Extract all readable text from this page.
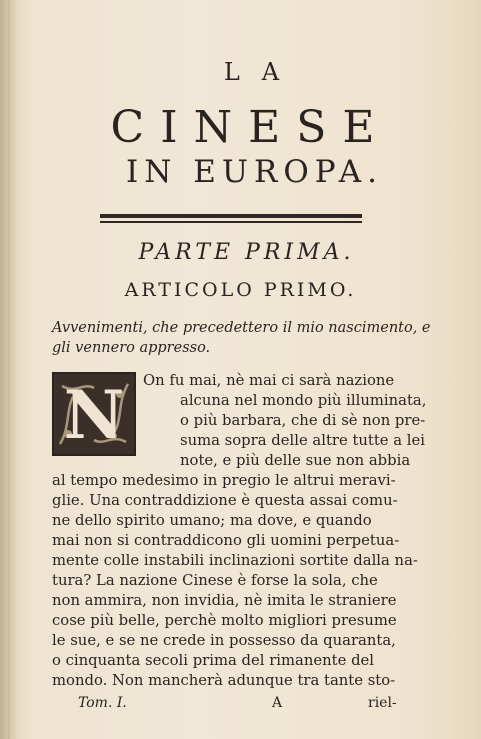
LA
CINESE
IN EUROPA.
PARTE PRIMA.
ARTICOLO PRIMO.
Avvenimenti, che precedettero il mio nascimento, e gli vennero appresso.
N	On fu mai, nè mai ci sarà nazione
alcuna nel mondo più illuminata,
o più barbara, che di sè non pre-
suma sopra delle altre tutte a lei
note, e più delle sue non abbia
al tempo medesimo in pregio le altrui meravi-
glie. Una contraddizione è questa assai comu-
ne dello spirito umano; ma dove, e quando
mai non si contraddicono gli uomini perpetua-
mente colle instabili inclinazioni sortite dalla na-
tura? La nazione Cinese è forse la sola, che
non ammira, non invidia, nè imita le straniere
cose più belle, perchè molto migliori presume
le sue, e se ne crede in possesso da quaranta,
o cinquanta secoli prima del rimanente del
mondo. Non mancherà adunque tra tante sto-
Tom. I.	A	riel-
